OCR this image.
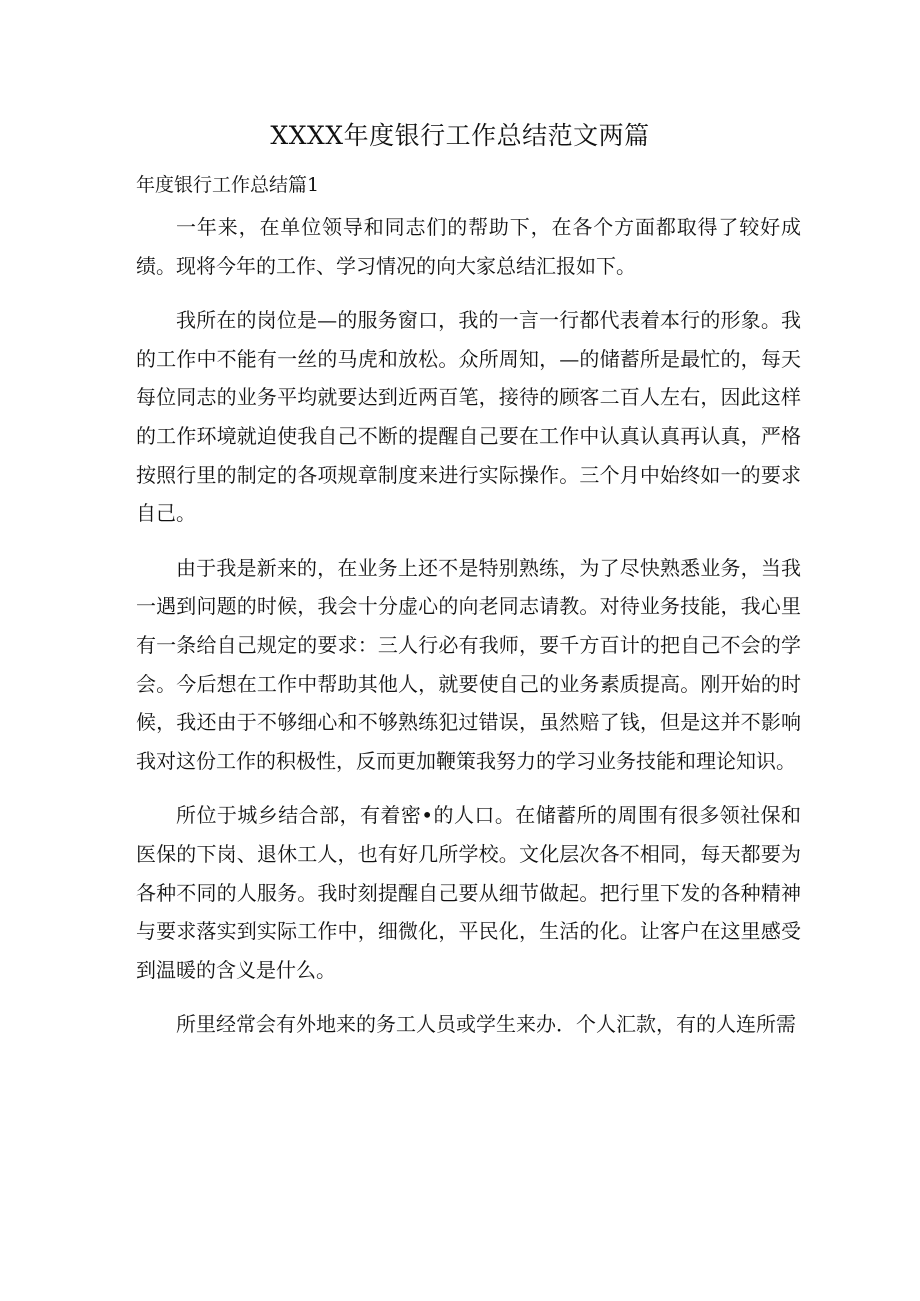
XXXX年度银行工作总结范文两篇
年度银行工作总结篇1

一年来，在单位领导和同志们的帮助下，在各个方面都取得了较好成绩。现将今年的工作、学习情况的向大家总结汇报如下。

我所在的岗位是—的服务窗口，我的一言一行都代表着本行的形象。我的工作中不能有一丝的马虎和放松。众所周知，—的储蓄所是最忙的，每天每位同志的业务平均就要达到近两百笔，接待的顾客二百人左右，因此这样的工作环境就迫使我自己不断的提醒自己要在工作中认真认真再认真，严格按照行里的制定的各项规章制度来进行实际操作。三个月中始终如一的要求自己。

由于我是新来的，在业务上还不是特别熟练，为了尽快熟悉业务，当我一遇到问题的时候，我会十分虚心的向老同志请教。对待业务技能，我心里有一条给自己规定的要求：三人行必有我师，要千方百计的把自己不会的学会。今后想在工作中帮助其他人，就要使自己的业务素质提高。刚开始的时候，我还由于不够细心和不够熟练犯过错误，虽然赔了钱，但是这并不影响我对这份工作的积极性，反而更加鞭策我努力的学习业务技能和理论知识。

所位于城乡结合部，有着密•的人口。在储蓄所的周围有很多领社保和医保的下岗、退休工人，也有好几所学校。文化层次各不相同，每天都要为各种不同的人服务。我时刻提醒自己要从细节做起。把行里下发的各种精神与要求落实到实际工作中，细微化，平民化，生活的化。让客户在这里感受到温暖的含义是什么。

所里经常会有外地来的务工人员或学生来办．个人汇款，有的人连所需
